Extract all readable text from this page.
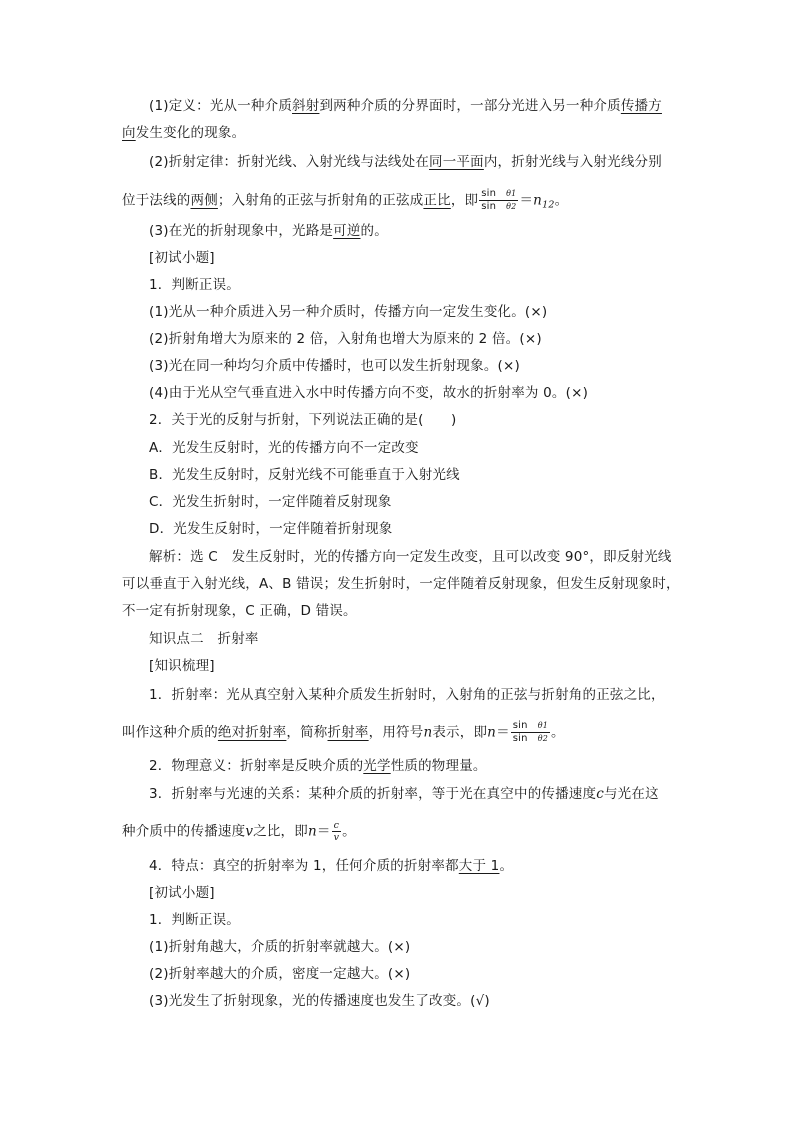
(1)定义：光从一种介质斜射到两种介质的分界面时，一部分光进入另一种介质传播方
向发生变化的现象。
(2)折射定律：折射光线、入射光线与法线处在同一平面内，折射光线与入射光线分别
位于法线的两侧；入射角的正弦与折射角的正弦成正比，即 $\frac{\text{sin θ1}}{\text{sin θ2}} =n_{12}$。
(3)在光的折射现象中，光路是可逆的。
[初试小题]
1．判断正误。
(1)光从一种介质进入另一种介质时，传播方向一定发生变化。(×)
(2)折射角增大为原来的 2 倍，入射角也增大为原来的 2 倍。(×)
(3)光在同一种均匀介质中传播时，也可以发生折射现象。(×)
(4)由于光从空气垂直进入水中时传播方向不变，故水的折射率为 0。(×)
2．关于光的反射与折射，下列说法正确的是(　　)
A．光发生反射时，光的传播方向不一定改变
B．光发生反射时，反射光线不可能垂直于入射光线
C．光发生折射时，一定伴随着反射现象
D．光发生反射时，一定伴随着折射现象
解析：选 C　发生反射时，光的传播方向一定发生改变，且可以改变 90°，即反射光线
可以垂直于入射光线，A、B 错误；发生折射时，一定伴随着反射现象，但发生反射现象时，
不一定有折射现象，C 正确，D 错误。
知识点二　折射率
[知识梳理]
1．折射率：光从真空射入某种介质发生折射时，入射角的正弦与折射角的正弦之比，
叫作这种介质的绝对折射率，简称折射率，用符号n表示，即$n= \frac{\text{sin θ1}}{\text{sin θ2}}$ 。
2．物理意义：折射率是反映介质的光学性质的物理量。
3．折射率与光速的关系：某种介质的折射率，等于光在真空中的传播速度c与光在这
种介质中的传播速度v之比，即$n= \frac{c}{v}$ 。
4．特点：真空的折射率为 1，任何介质的折射率都大于 1。
[初试小题]
1．判断正误。
(1)折射角越大，介质的折射率就越大。(×)
(2)折射率越大的介质，密度一定越大。(×)
(3)光发生了折射现象，光的传播速度也发生了改变。(√)
